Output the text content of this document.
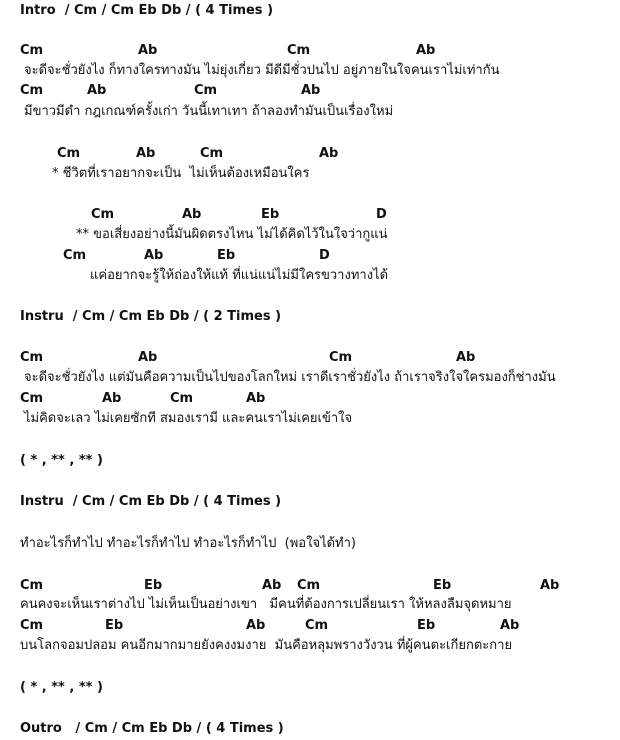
Intro  / Cm / Cm Eb Db / ( 4 Times )
Cm	Ab	Cm	Ab
จะดีจะชั่วยังไง ก็ทางใครทางมัน ไม่ยุ่งเกี่ยว มีดีมีชั่วปนไป อยู่ภายในใจคนเราไม่เท่ากัน
Cm	Ab	Cm	Ab
มีขาวมีดำ กฎเกณฑ์ครั้งเก่า วันนี้เทาเทา ถ้าลองทำมันเป็นเรื่องใหม่
Cm	Ab	Cm	Ab
* ชีวิตที่เราอยากจะเป็น  ไม่เห็นต้องเหมือนใคร
Cm	Ab	Eb	D
** ขอเสี่ยงอย่างนี้มันผิดตรงไหน ไม่ได้คิดไว้ในใจว่ากูแน่
Cm	Ab	Eb	D
แค่อยากจะรู้ให้ถ่องให้แท้ ที่แน่แน่ไม่มีใครขวางทางได้
Instru  / Cm / Cm Eb Db / ( 2 Times )
Cm	Ab	Cm	Ab
จะดีจะชั่วยังไง แต่มันคือความเป็นไปของโลกใหม่ เราดีเราชั่วยังไง ถ้าเราจริงใจใครมองก็ช่างมัน
Cm	Ab	Cm	Ab
ไม่คิดจะเลว ไม่เคยซักที สมองเรามี และคนเราไม่เคยเข้าใจ
( * , ** , ** )
Instru  / Cm / Cm Eb Db / ( 4 Times )
ทำอะไรก็ทำไป ทำอะไรก็ทำไป ทำอะไรก็ทำไป  (พอใจได้ทำ)
Cm	Eb	Ab Cm	Eb	Ab
คนคงจะเห็นเราต่างไป ไม่เห็นเป็นอย่างเขา   มีคนที่ต้องการเปลี่ยนเรา ให้หลงลืมจุดหมาย
Cm	Eb	Ab	Cm	Eb	Ab
บนโลกจอมปลอม คนอีกมากมายยังคงงมงาย  มันคือหลุมพรางวังวน ที่ผู้คนตะเกียกตะกาย
( * , ** , ** )
Outro   / Cm / Cm Eb Db / ( 4 Times )
